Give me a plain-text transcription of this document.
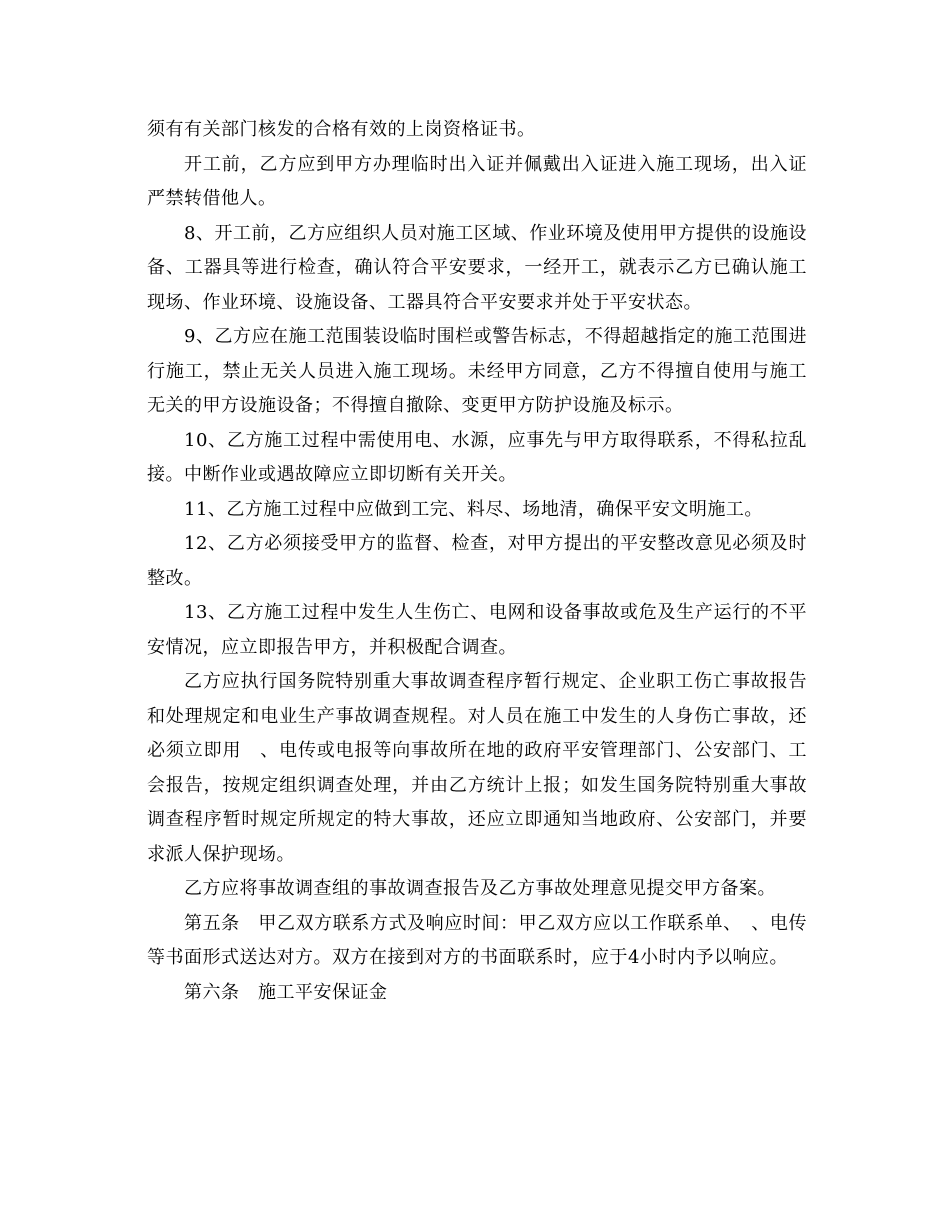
须有有关部门核发的合格有效的上岗资格证书。

开工前，乙方应到甲方办理临时出入证并佩戴出入证进入施工现场，出入证严禁转借他人。

8、开工前，乙方应组织人员对施工区域、作业环境及使用甲方提供的设施设备、工器具等进行检查，确认符合平安要求，一经开工，就表示乙方已确认施工现场、作业环境、设施设备、工器具符合平安要求并处于平安状态。

9、乙方应在施工范围装设临时围栏或警告标志，不得超越指定的施工范围进行施工，禁止无关人员进入施工现场。未经甲方同意，乙方不得擅自使用与施工无关的甲方设施设备；不得擅自撤除、变更甲方防护设施及标示。

10、乙方施工过程中需使用电、水源，应事先与甲方取得联系，不得私拉乱接。中断作业或遇故障应立即切断有关开关。

11、乙方施工过程中应做到工完、料尽、场地清，确保平安文明施工。

12、乙方必须接受甲方的监督、检查，对甲方提出的平安整改意见必须及时整改。

13、乙方施工过程中发生人生伤亡、电网和设备事故或危及生产运行的不平安情况，应立即报告甲方，并积极配合调查。

乙方应执行国务院特别重大事故调查程序暂行规定、企业职工伤亡事故报告和处理规定和电业生产事故调查规程。对人员在施工中发生的人身伤亡事故，还必须立即用　、电传或电报等向事故所在地的政府平安管理部门、公安部门、工会报告，按规定组织调查处理，并由乙方统计上报；如发生国务院特别重大事故调查程序暂时规定所规定的特大事故，还应立即通知当地政府、公安部门，并要求派人保护现场。

乙方应将事故调查组的事故调查报告及乙方事故处理意见提交甲方备案。

第五条　甲乙双方联系方式及响应时间：甲乙双方应以工作联系单、　、电传等书面形式送达对方。双方在接到对方的书面联系时，应于4小时内予以响应。

第六条　施工平安保证金
